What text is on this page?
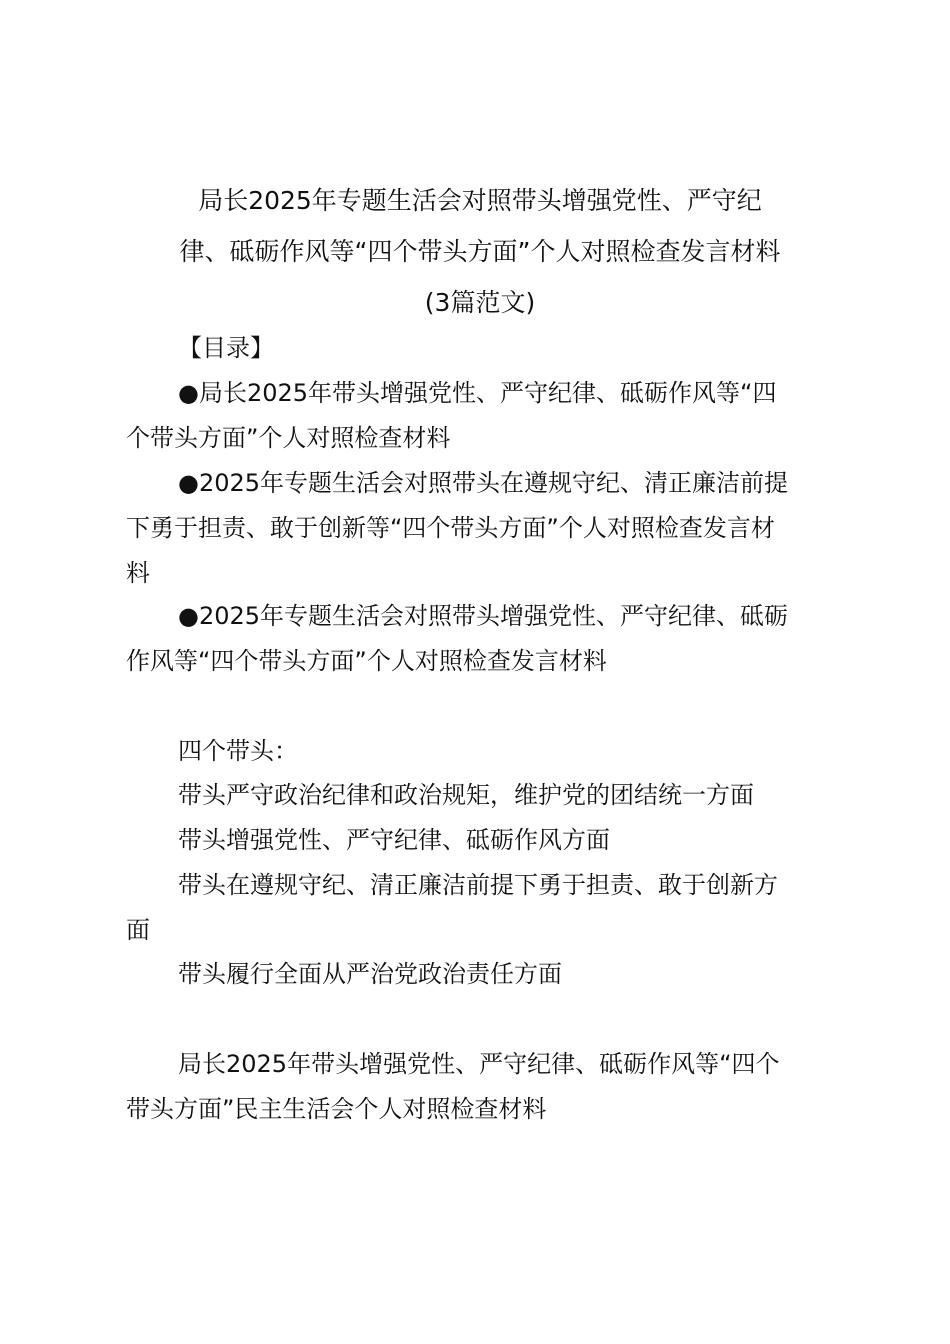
局长2025年专题生活会对照带头增强党性、严守纪
律、砥砺作风等“四个带头方面”个人对照检查发言材料
(3篇范文)

【目录】

●局长2025年带头增强党性、严守纪律、砥砺作风等“四
个带头方面”个人对照检查材料

●2025年专题生活会对照带头在遵规守纪、清正廉洁前提
下勇于担责、敢于创新等“四个带头方面”个人对照检查发言材
料

●2025年专题生活会对照带头增强党性、严守纪律、砥砺
作风等“四个带头方面”个人对照检查发言材料

四个带头：

带头严守政治纪律和政治规矩，维护党的团结统一方面

带头增强党性、严守纪律、砥砺作风方面

带头在遵规守纪、清正廉洁前提下勇于担责、敢于创新方
面

带头履行全面从严治党政治责任方面

局长2025年带头增强党性、严守纪律、砥砺作风等“四个
带头方面”民主生活会个人对照检查材料
